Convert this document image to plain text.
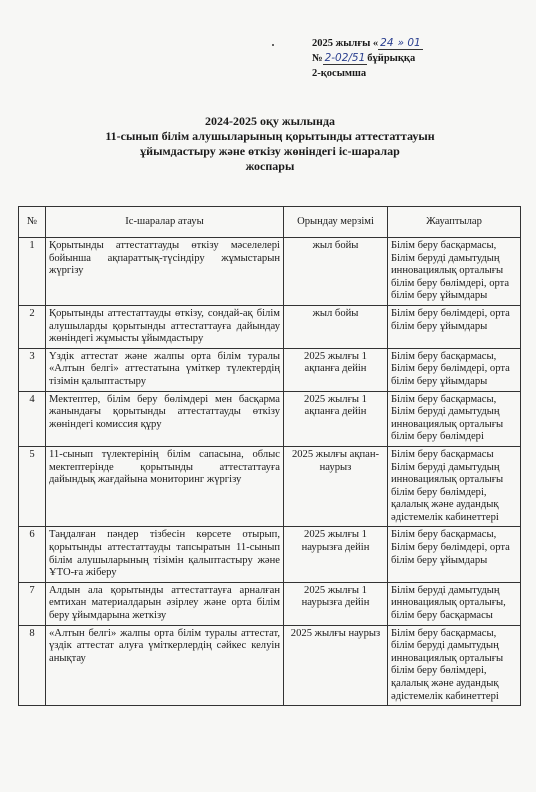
2025 жылғы « 24 » 01
№ 2-02/51 бұйрыққа
2-қосымша
2024-2025 оқу жылында
11-сынып білім алушыларының қорытынды аттестаттауын
ұйымдастыру және өткізу жөніндегі іс-шаралар
жоспары
№	Іс-шаралар атауы	Орындау мерзімі	Жауаптылар
1	Қорытынды аттестаттауды өткізу мәселелері бойынша ақпараттық-түсіндіру жұмыстарын жүргізу	жыл бойы	Білім беру басқармасы, Білім беруді дамытудың инновациялық орталығы білім беру бөлімдері, орта білім беру ұйымдары
2	Қорытынды аттестаттауды өткізу, сондай-ақ білім алушыларды қорытынды аттестаттауға дайындау жөніндегі жұмысты ұйымдастыру	жыл бойы	Білім беру бөлімдері, орта білім беру ұйымдары
3	Үздік аттестат және жалпы орта білім туралы «Алтын белгі» аттестатына үміткер түлектердің тізімін қалыптастыру	2025 жылғы 1 ақпанға дейін	Білім беру басқармасы, Білім беру бөлімдері, орта білім беру ұйымдары
4	Мектептер, білім беру бөлімдері мен басқарма жанындағы қорытынды аттестаттауды өткізу жөніндегі комиссия құру	2025 жылғы 1 ақпанға дейін	Білім беру басқармасы, Білім беруді дамытудың инновациялық орталығы білім беру бөлімдері
5	11-сынып түлектерінің білім сапасына, облыс мектептерінде қорытынды аттестаттауға дайындық жағдайына мониторинг жүргізу	2025 жылғы ақпан-наурыз	Білім беру басқармасы Білім беруді дамытудың инновациялық орталығы білім беру бөлімдері, қалалық және аудандық әдістемелік кабинеттері
6	Таңдалған пәндер тізбесін көрсете отырып, қорытынды аттестаттауды тапсыратын 11-сынып білім алушыларының тізімін қалыптастыру және ҰТО-ға жіберу	2025 жылғы 1 наурызға дейін	Білім беру басқармасы, Білім беру бөлімдері, орта білім беру ұйымдары
7	Алдын ала қорытынды аттестаттауға арналған емтихан материалдарын әзірлеу және орта білім беру ұйымдарына жеткізу	2025 жылғы 1 наурызға дейін	Білім беруді дамытудың инновациялық орталығы, білім беру басқармасы
8	«Алтын белгі» жалпы орта білім туралы аттестат, үздік аттестат алуға үміткерлердің сәйкес келуін анықтау	2025 жылғы наурыз	Білім беру басқармасы, білім беруді дамытудың инновациялық орталығы білім беру бөлімдері, қалалық және аудандық әдістемелік кабинеттері
